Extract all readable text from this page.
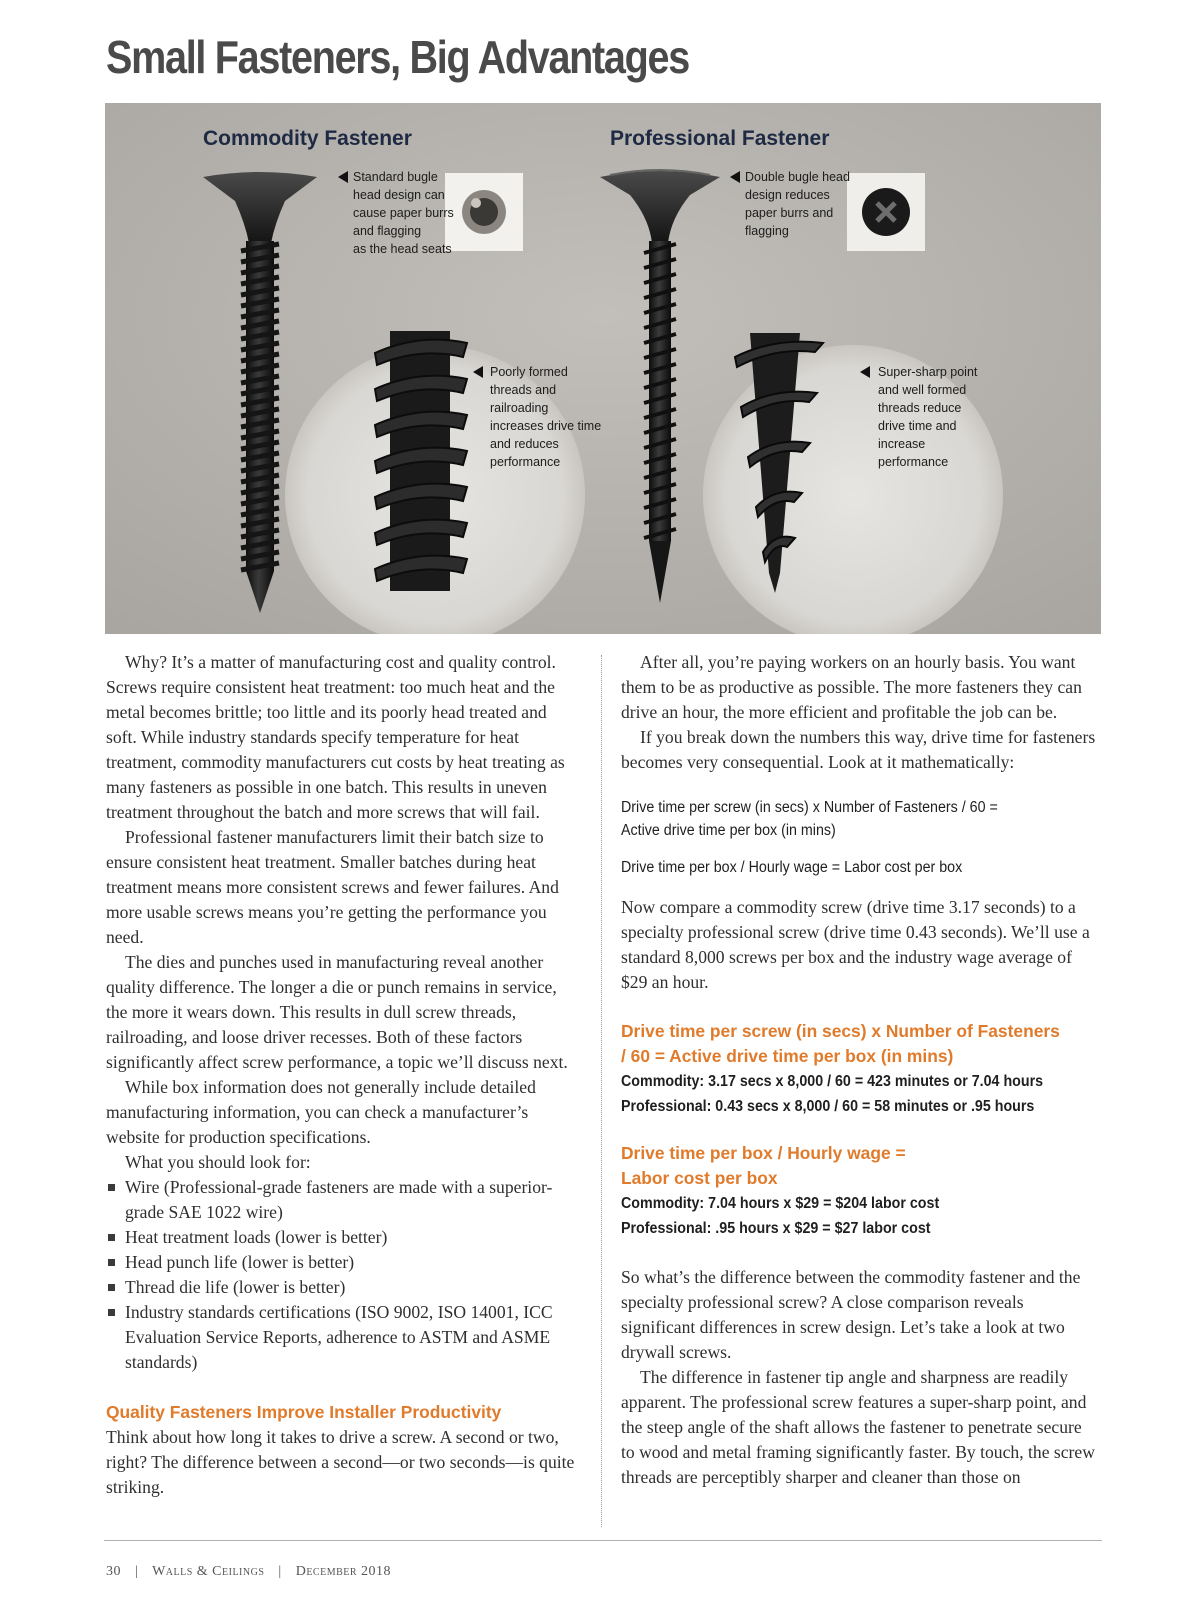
Small Fasteners, Big Advantages
Commodity Fastener	Professional Fastener
Standard bugle head design can cause paper burrs and flagging as the head seats
Poorly formed threads and railroading increases drive time and reduces performance
Double bugle head design reduces paper burrs and flagging
Super-sharp point and well formed threads reduce drive time and increase performance

Why? It’s a matter of manufacturing cost and quality control. Screws require consistent heat treatment: too much heat and the metal becomes brittle; too little and its poorly head treated and soft. While industry standards specify temperature for heat treatment, commodity manufacturers cut costs by heat treating as many fasteners as possible in one batch. This results in uneven treatment throughout the batch and more screws that will fail.

Professional fastener manufacturers limit their batch size to ensure consistent heat treatment. Smaller batches during heat treatment means more consistent screws and fewer failures. And more usable screws means you’re getting the performance you need.

The dies and punches used in manufacturing reveal another quality difference. The longer a die or punch remains in service, the more it wears down. This results in dull screw threads, railroading, and loose driver recesses. Both of these factors significantly affect screw performance, a topic we’ll discuss next.

While box information does not generally include detailed manufacturing information, you can check a manufacturer’s website for production specifications.

What you should look for:

Wire (Professional-grade fasteners are made with a superior-grade SAE 1022 wire)
Heat treatment loads (lower is better)
Head punch life (lower is better)
Thread die life (lower is better)
Industry standards certifications (ISO 9002, ISO 14001, ICC Evaluation Service Reports, adherence to ASTM and ASME standards)
Quality Fasteners Improve Installer Productivity

Think about how long it takes to drive a screw. A second or two, right? The difference between a second—or two seconds—is quite striking.

After all, you’re paying workers on an hourly basis. You want them to be as productive as possible. The more fasteners they can drive an hour, the more efficient and profitable the job can be.

If you break down the numbers this way, drive time for fasteners becomes very consequential. Look at it mathematically:

Drive time per screw (in secs) x Number of Fasteners / 60 =
Active drive time per box (in mins)
Drive time per box / Hourly wage = Labor cost per box

Now compare a commodity screw (drive time 3.17 seconds) to a specialty professional screw (drive time 0.43 seconds). We’ll use a standard 8,000 screws per box and the industry wage average of $29 an hour.

Drive time per screw (in secs) x Number of Fasteners / 60 = Active drive time per box (in mins)
Commodity: 3.17 secs x 8,000 / 60 = 423 minutes or 7.04 hours
Professional: 0.43 secs x 8,000 / 60 = 58 minutes or .95 hours
Drive time per box / Hourly wage =
Labor cost per box
Commodity: 7.04 hours x $29 = $204 labor cost
Professional: .95 hours x $29 = $27 labor cost

So what’s the difference between the commodity fastener and the specialty professional screw? A close comparison reveals significant differences in screw design. Let’s take a look at two drywall screws.

The difference in fastener tip angle and sharpness are readily apparent. The professional screw features a super-sharp point, and the steep angle of the shaft allows the fastener to penetrate secure to wood and metal framing significantly faster. By touch, the screw threads are perceptibly sharper and cleaner than those on

30 | Walls & Ceilings | December 2018
